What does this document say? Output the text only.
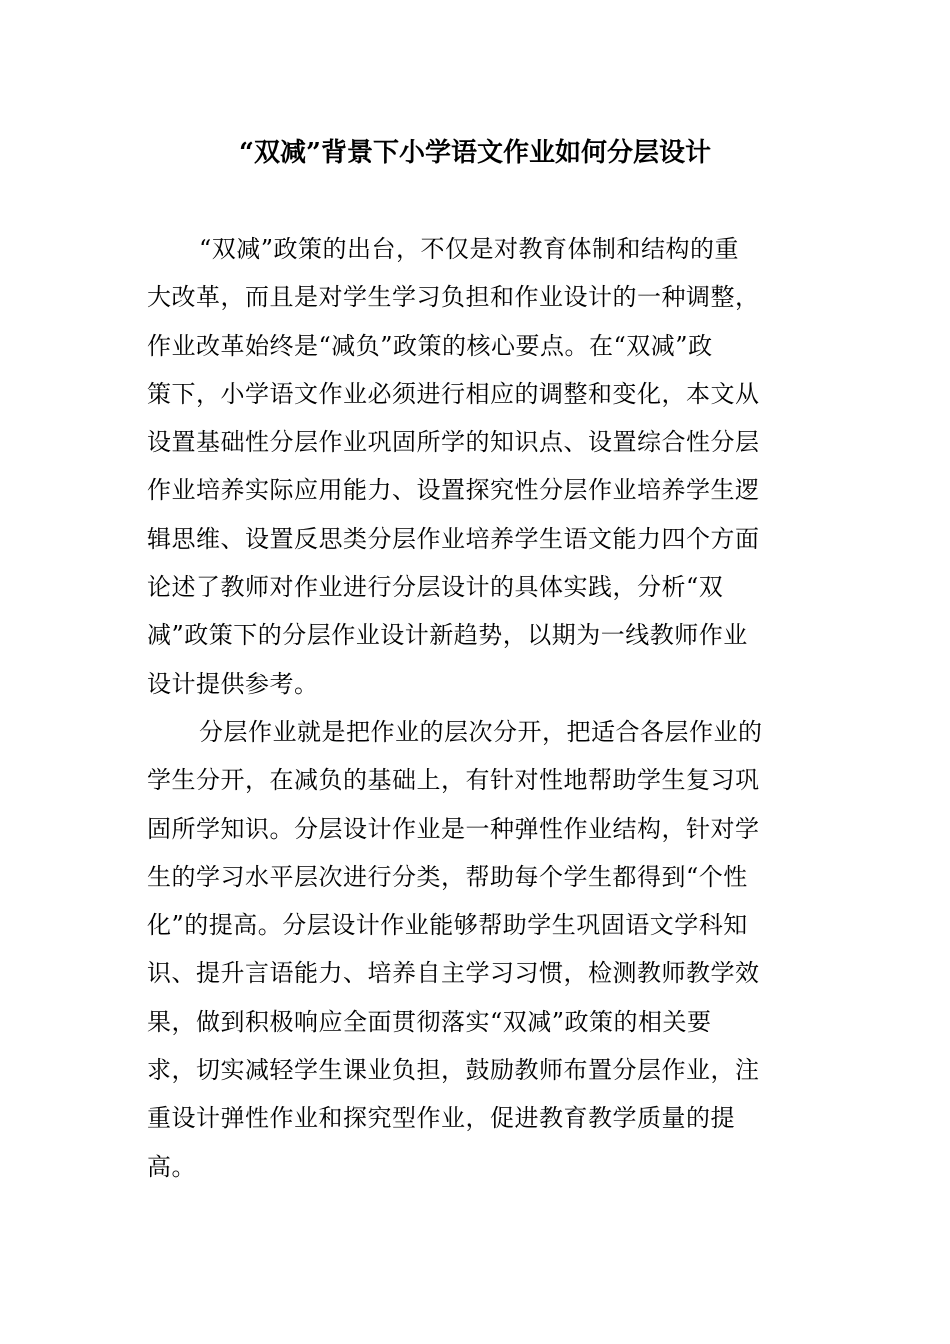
“双减”背景下小学语文作业如何分层设计
“双减”政策的出台，不仅是对教育体制和结构的重
大改革，而且是对学生学习负担和作业设计的一种调整，
作业改革始终是“减负”政策的核心要点。在“双减”政
策下，小学语文作业必须进行相应的调整和变化，本文从
设置基础性分层作业巩固所学的知识点、设置综合性分层
作业培养实际应用能力、设置探究性分层作业培养学生逻
辑思维、设置反思类分层作业培养学生语文能力四个方面
论述了教师对作业进行分层设计的具体实践，分析“双
减”政策下的分层作业设计新趋势，以期为一线教师作业
设计提供参考。
分层作业就是把作业的层次分开，把适合各层作业的
学生分开，在减负的基础上，有针对性地帮助学生复习巩
固所学知识。分层设计作业是一种弹性作业结构，针对学
生的学习水平层次进行分类，帮助每个学生都得到“个性
化”的提高。分层设计作业能够帮助学生巩固语文学科知
识、提升言语能力、培养自主学习习惯，检测教师教学效
果，做到积极响应全面贯彻落实“双减”政策的相关要
求，切实减轻学生课业负担，鼓励教师布置分层作业，注
重设计弹性作业和探究型作业，促进教育教学质量的提
高。
